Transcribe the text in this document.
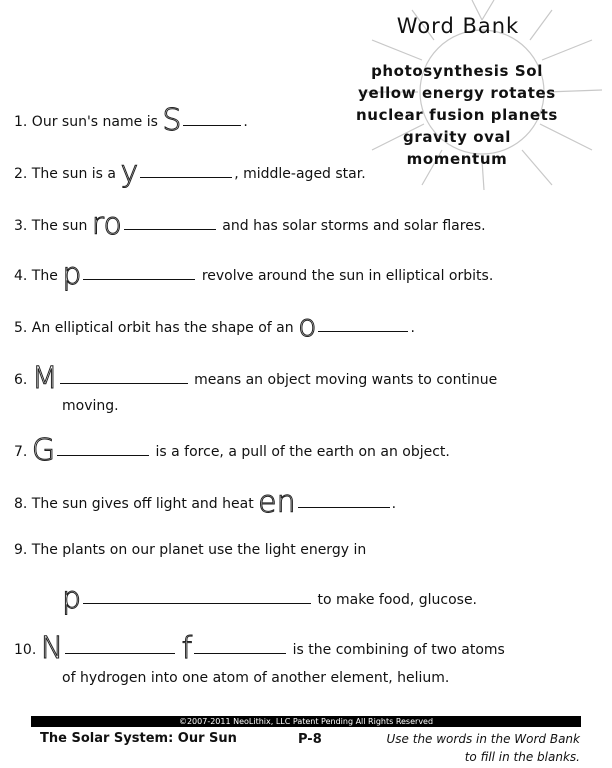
Word Bank
photosynthesis Sol
yellow energy rotates
nuclear fusion planets
gravity oval
momentum
1. Our sun's name is S	.
2. The sun is a y	, middle-aged star.
3. The sun ro	and has solar storms and solar flares.
4. The p	revolve around the sun in elliptical orbits.
5. An elliptical orbit has the shape of an o	.
6. M	means an object moving wants to continue
moving.
7. G	is a force, a pull of the earth on an object.
8. The sun gives off light and heat en	.
9. The plants on our planet use the light energy in
p	to make food, glucose.
10. N	f	is the combining of two atoms
of hydrogen into one atom of another element, helium.
©2007-2011 NeoLithix, LLC Patent Pending All Rights Reserved
The Solar System: Our Sun	P-8	Use the words in the Word Bank
to fill in the blanks.
